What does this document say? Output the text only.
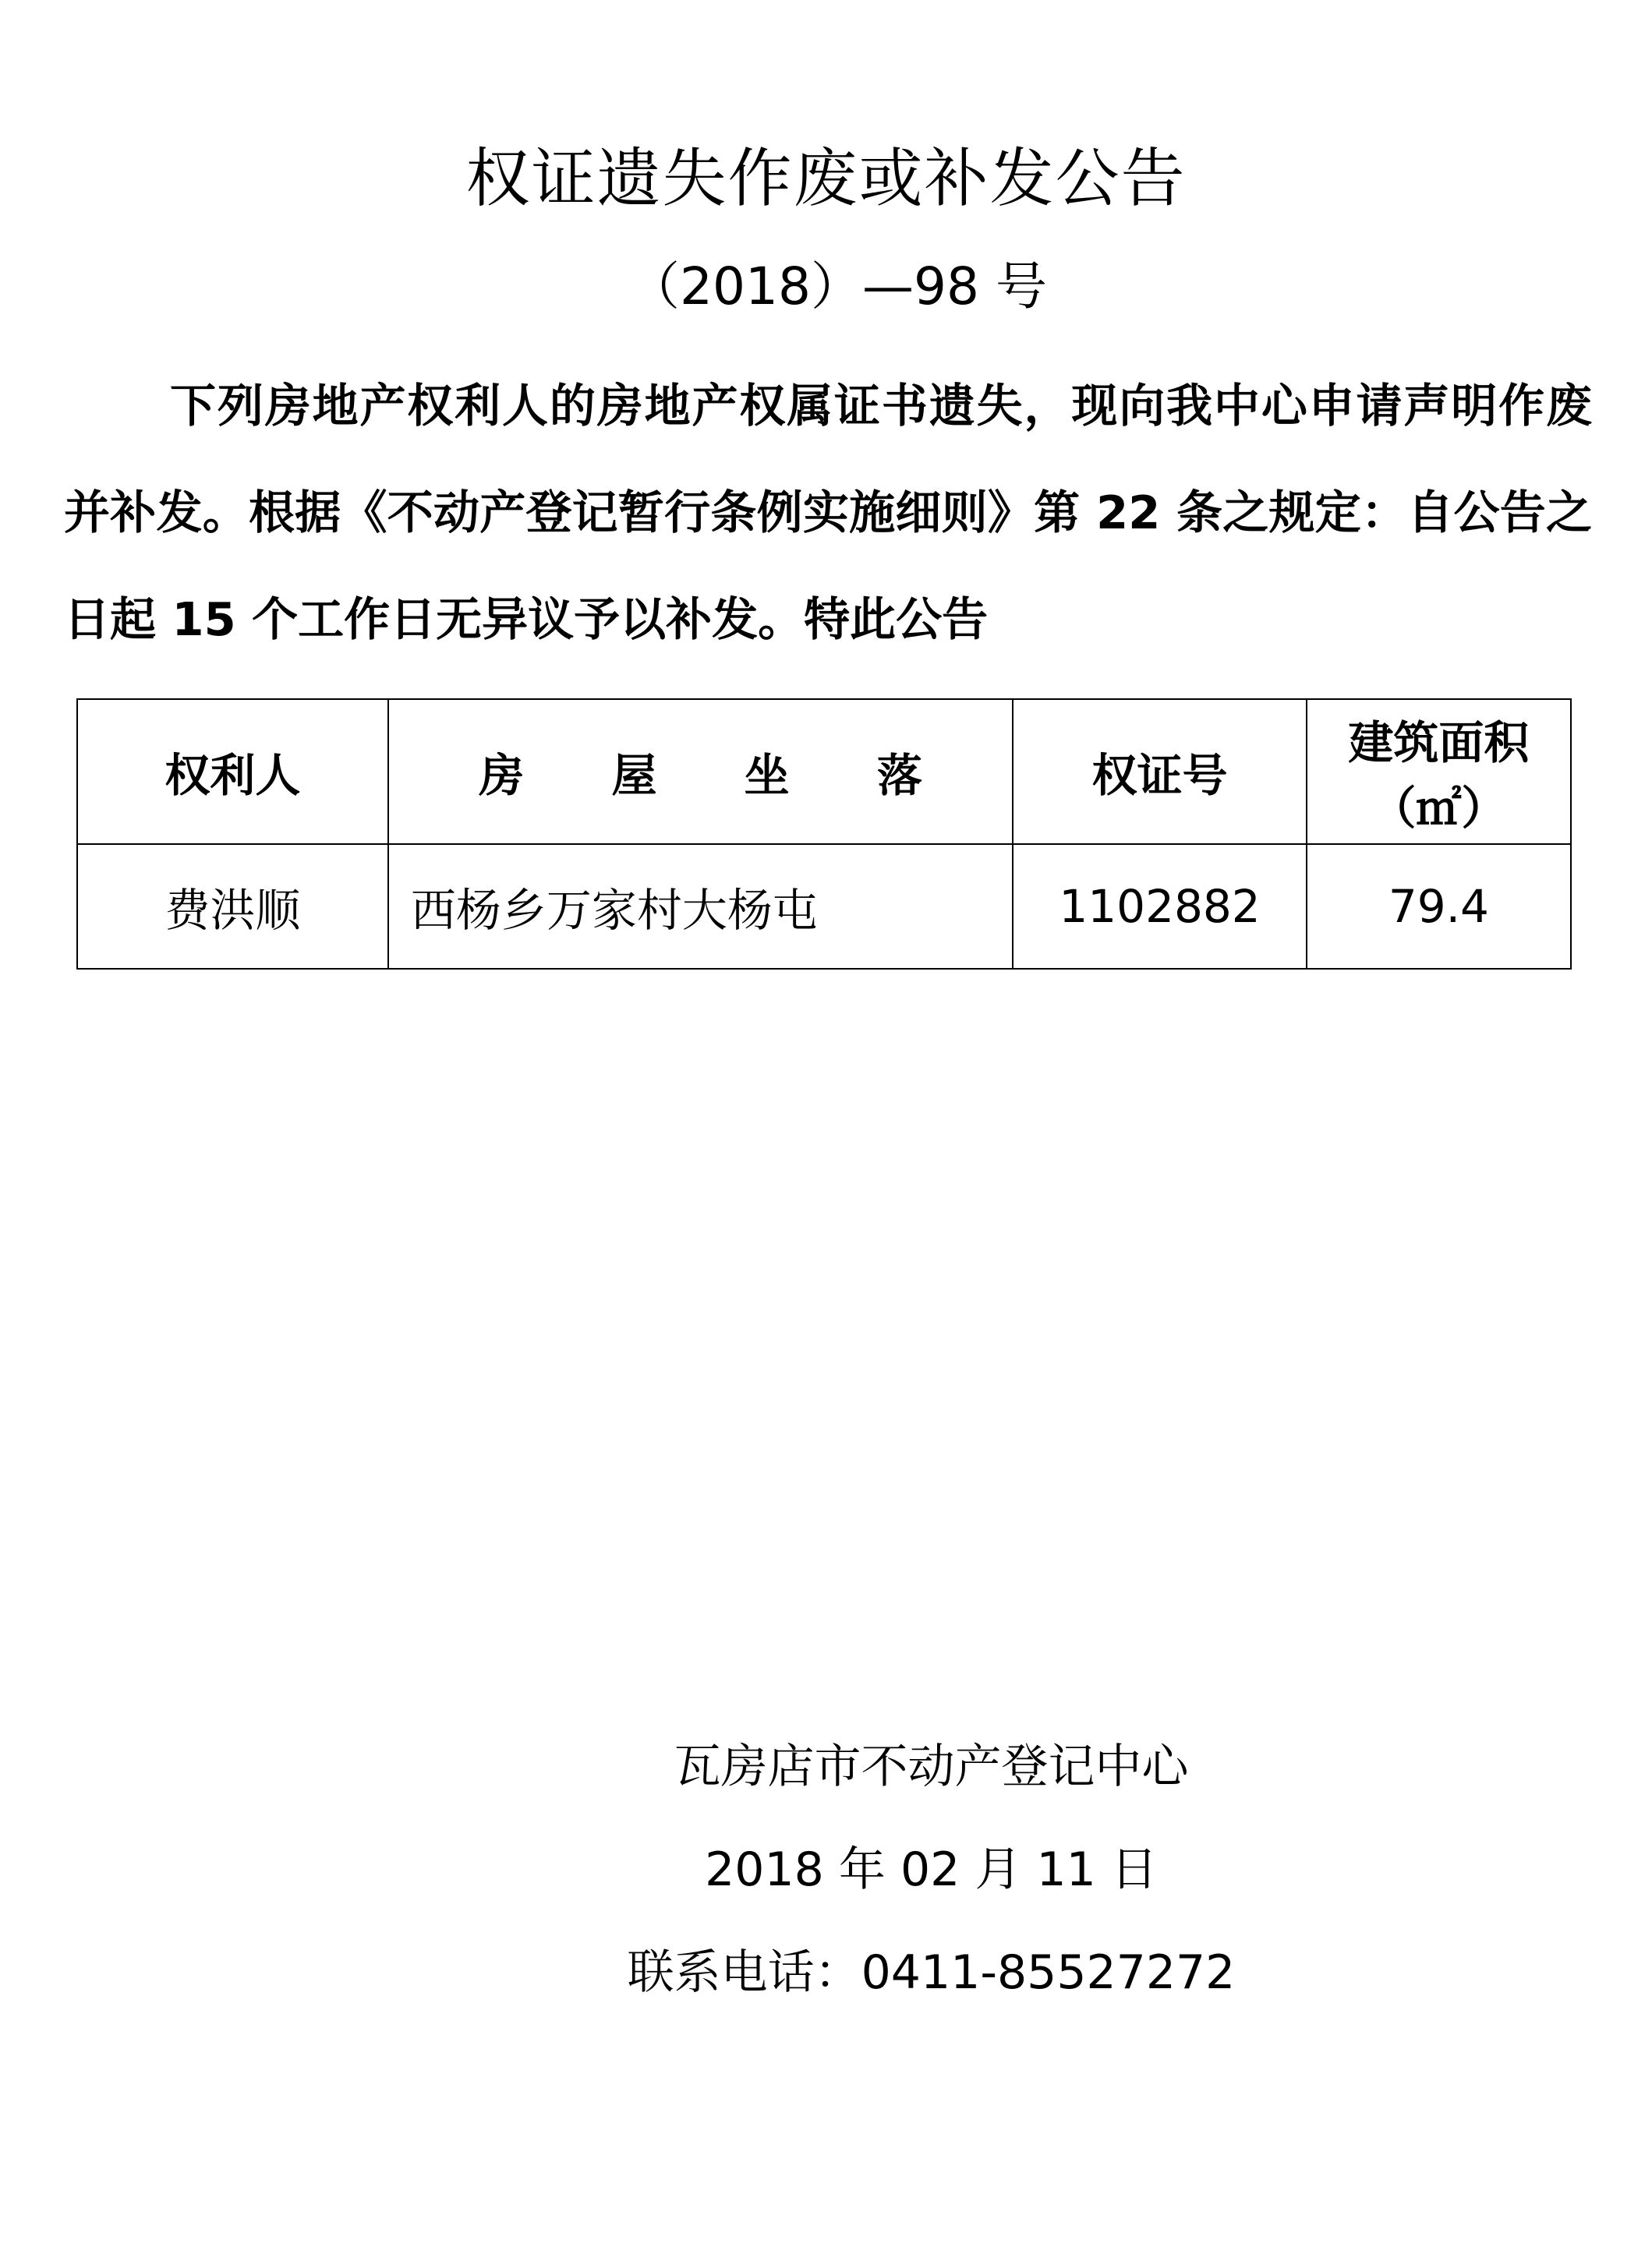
权证遗失作废或补发公告
（2018）—98 号

下列房地产权利人的房地产权属证书遗失，现向我中心申请声明作废并补发。根据《不动产登记暂行条例实施细则》第 22 条之规定：自公告之日起 15 个工作日无异议予以补发。特此公告

权利人	房 屋 坐 落	权证号	建筑面积
（㎡）

费洪顺	西杨乡万家村大杨屯	1102882	79.4
瓦房店市不动产登记中心
2018 年 02 月 11 日
联系电话：0411-85527272
